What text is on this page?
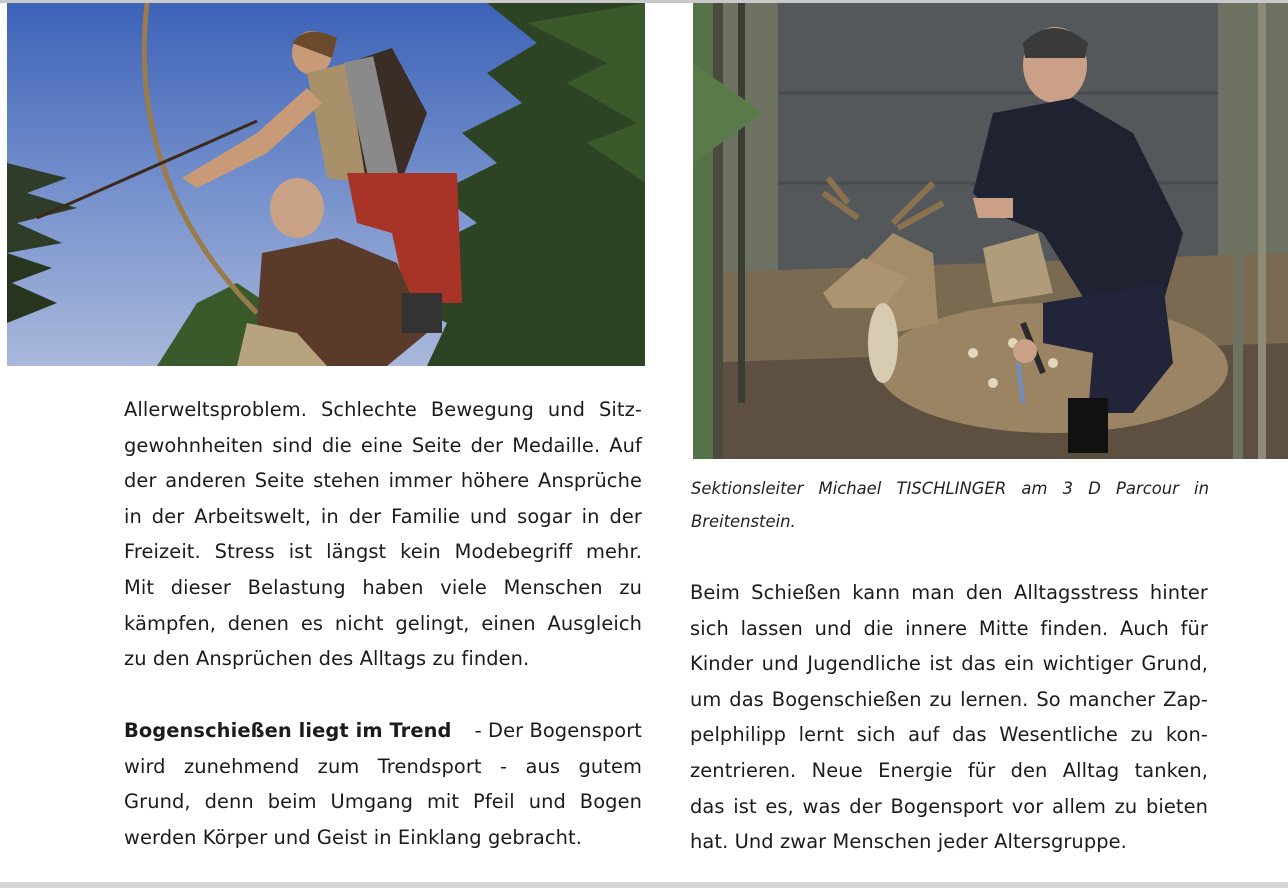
Allerweltsproblem. Schlechte Bewegung und Sitz-
gewohnheiten sind die eine Seite der Medaille. Auf
der anderen Seite stehen immer höhere Ansprüche
in der Arbeitswelt, in der Familie und sogar in der
Freizeit. Stress ist längst kein Modebegriff mehr.
Mit dieser Belastung haben viele Menschen zu
kämpfen, denen es nicht gelingt, einen Ausgleich
zu den Ansprüchen des Alltags zu finden.
Bogenschießen liegt im Trend - Der Bogensport
wird zunehmend zum Trendsport - aus gutem
Grund, denn beim Umgang mit Pfeil und Bogen
werden Körper und Geist in Einklang gebracht.
Sektionsleiter Michael TISCHLINGER am 3 D Parcour in
Breitenstein.
Beim Schießen kann man den Alltagsstress hinter
sich lassen und die innere Mitte finden. Auch für
Kinder und Jugendliche ist das ein wichtiger Grund,
um das Bogenschießen zu lernen. So mancher Zap-
pelphilipp lernt sich auf das Wesentliche zu kon-
zentrieren. Neue Energie für den Alltag tanken,
das ist es, was der Bogensport vor allem zu bieten
hat. Und zwar Menschen jeder Altersgruppe.
